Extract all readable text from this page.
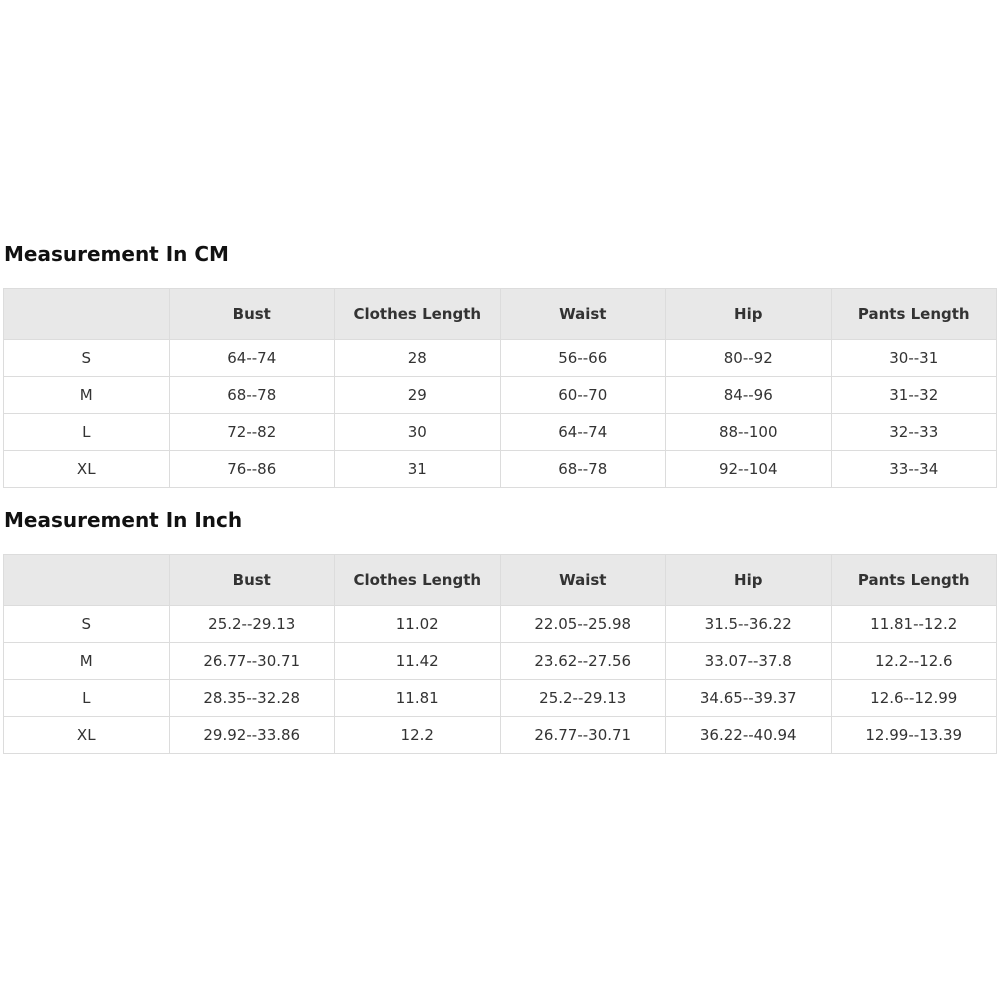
Measurement In CM
	Bust	Clothes Length	Waist	Hip	Pants Length
S	64--74	28	56--66	80--92	30--31
M	68--78	29	60--70	84--96	31--32
L	72--82	30	64--74	88--100	32--33
XL	76--86	31	68--78	92--104	33--34
Measurement In Inch
	Bust	Clothes Length	Waist	Hip	Pants Length
S	25.2--29.13	11.02	22.05--25.98	31.5--36.22	11.81--12.2
M	26.77--30.71	11.42	23.62--27.56	33.07--37.8	12.2--12.6
L	28.35--32.28	11.81	25.2--29.13	34.65--39.37	12.6--12.99
XL	29.92--33.86	12.2	26.77--30.71	36.22--40.94	12.99--13.39
